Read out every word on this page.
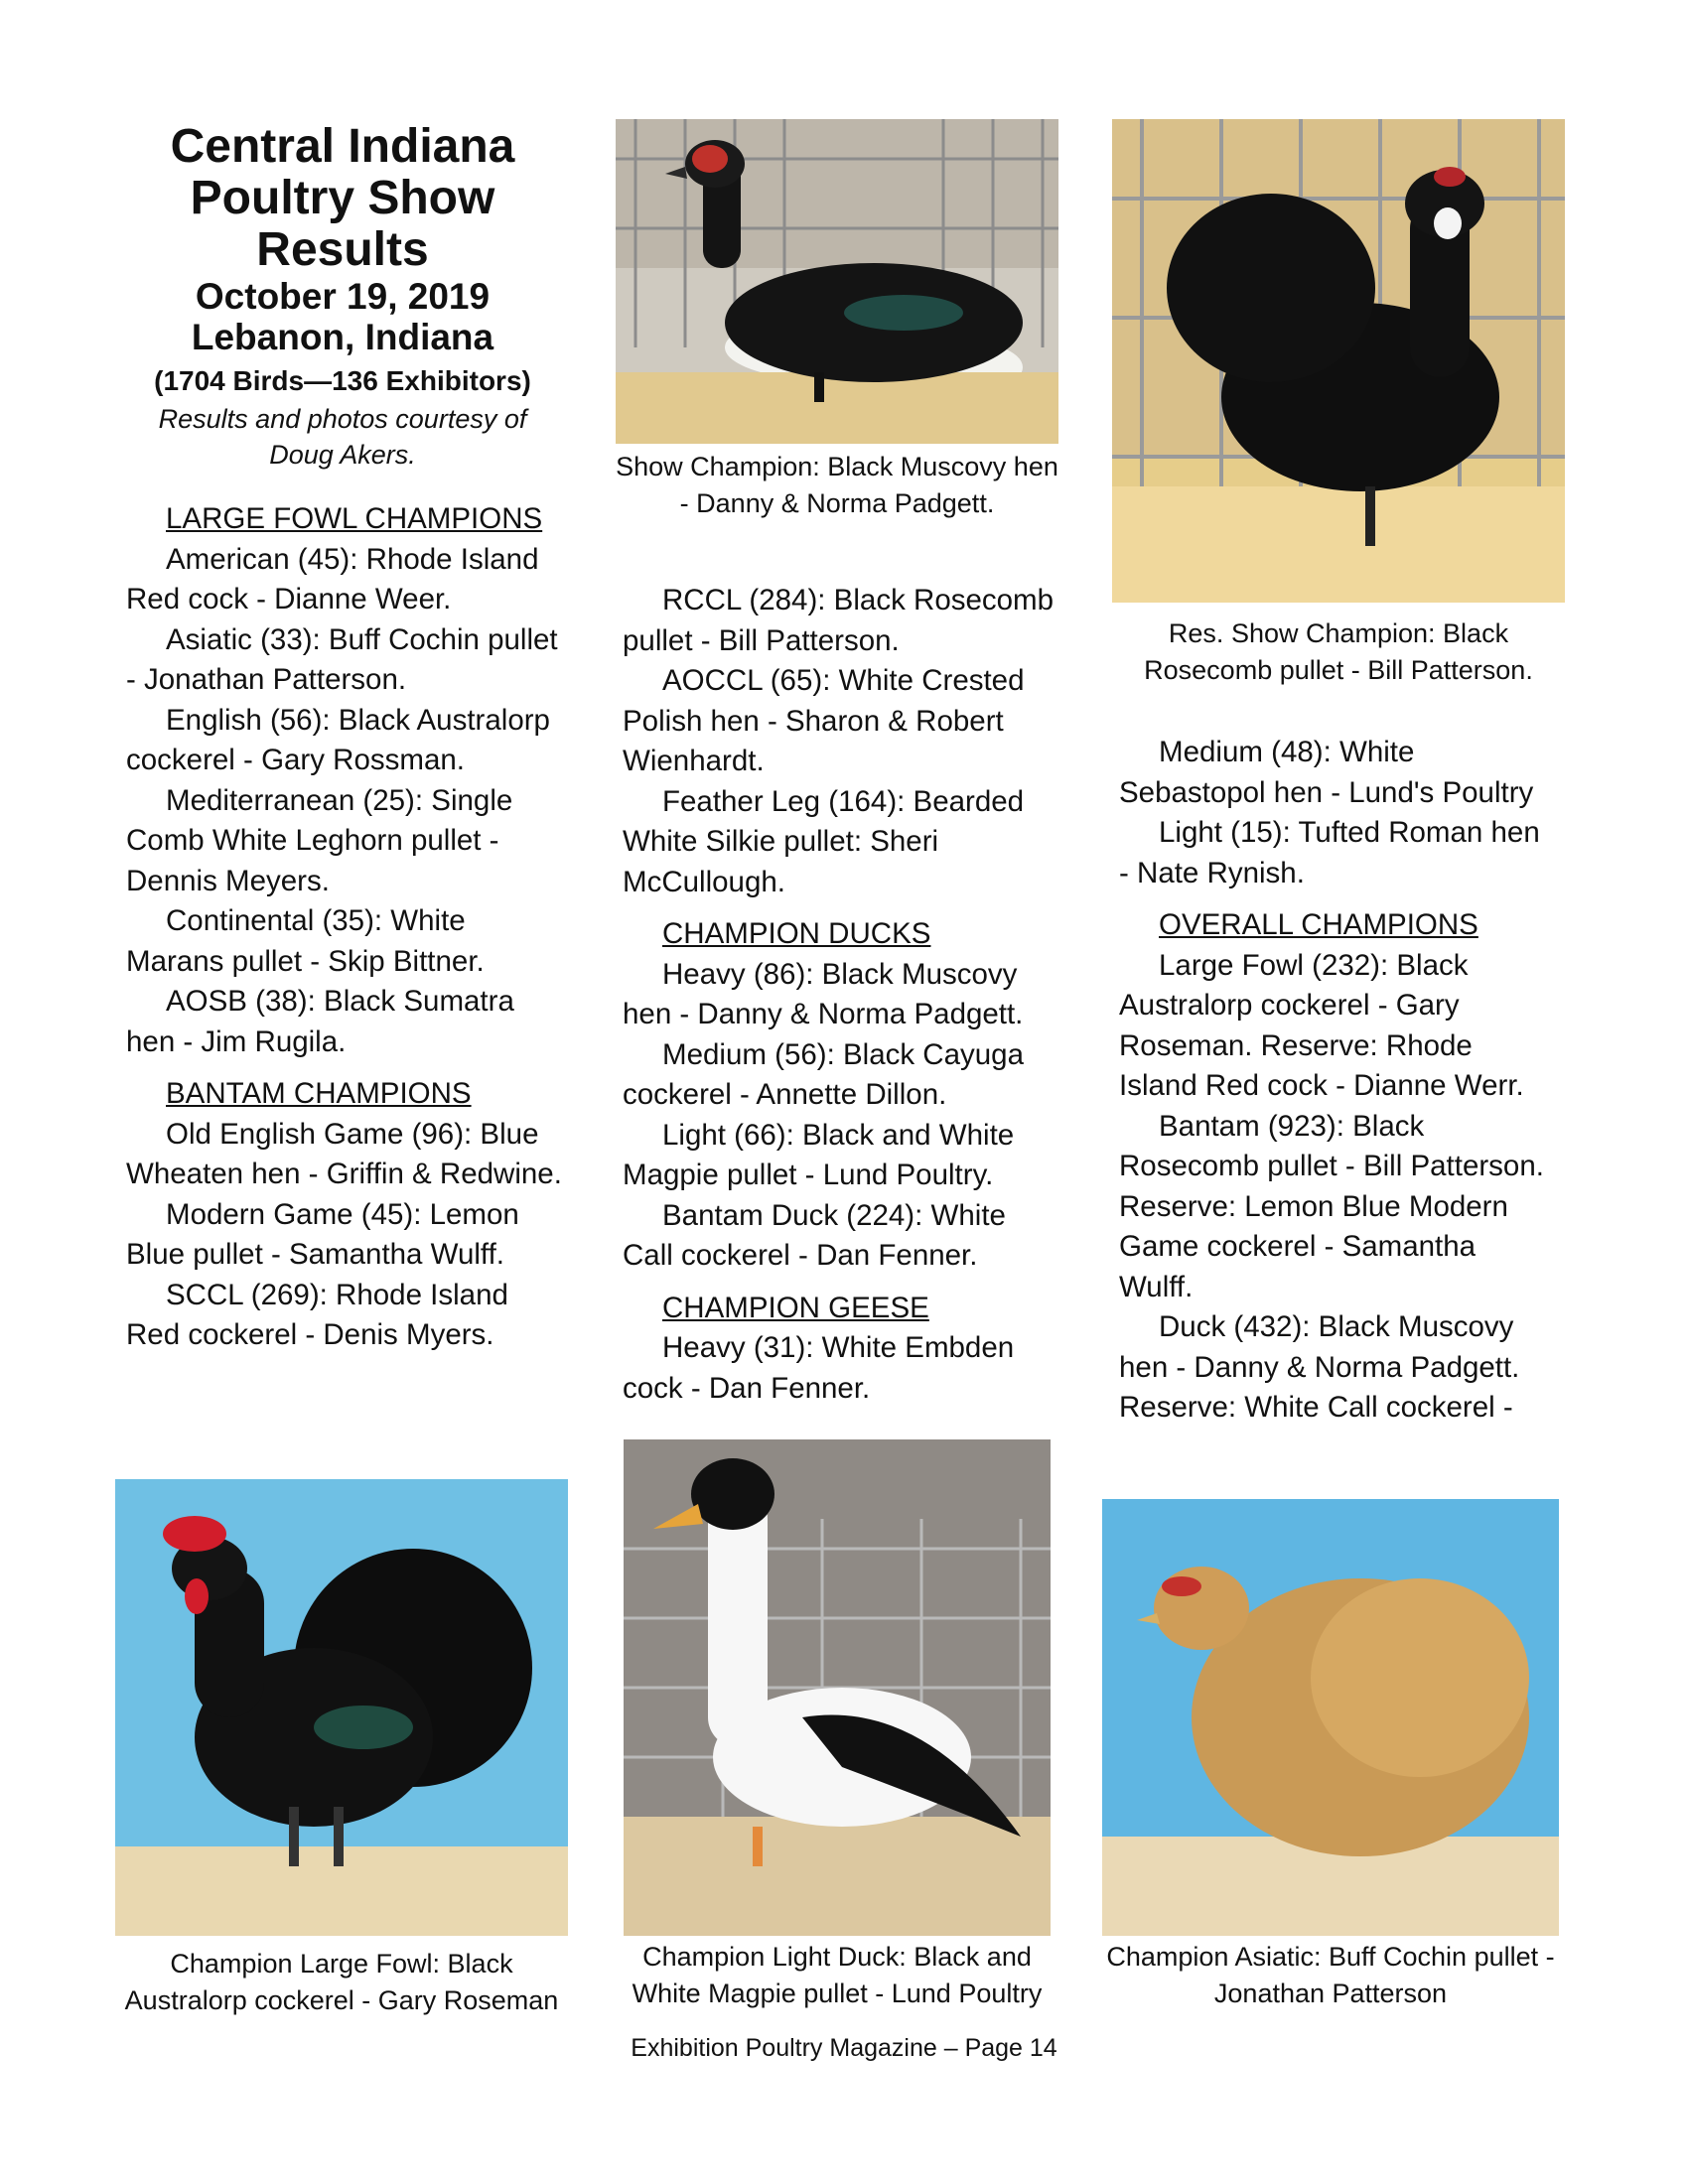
Central Indiana
Poultry Show
Results
October 19, 2019
Lebanon, Indiana
(1704 Birds—136 Exhibitors)
Results and photos courtesy of
Doug Akers.

LARGE FOWL CHAMPIONS

American (45): Rhode Island Red cock - Dianne Weer.

Asiatic (33): Buff Cochin pullet - Jonathan Patterson.

English (56): Black Australorp cockerel - Gary Rossman.

Mediterranean (25): Single Comb White Leghorn pullet - Dennis Meyers.

Continental (35): White Marans pullet - Skip Bittner.

AOSB (38): Black Sumatra hen - Jim Rugila.

BANTAM CHAMPIONS

Old English Game (96): Blue Wheaten hen - Griffin & Redwine.

Modern Game (45): Lemon Blue pullet - Samantha Wulff.

SCCL (269): Rhode Island Red cockerel - Denis Myers.

RCCL (284): Black Rosecomb pullet - Bill Patterson.

AOCCL (65): White Crested Polish hen - Sharon & Robert Wienhardt.

Feather Leg (164): Bearded White Silkie pullet: Sheri McCullough.

CHAMPION DUCKS

Heavy (86): Black Muscovy hen - Danny & Norma Padgett.

Medium (56): Black Cayuga cockerel - Annette Dillon.

Light (66): Black and White Magpie pullet - Lund Poultry.

Bantam Duck (224): White Call cockerel - Dan Fenner.

CHAMPION GEESE

Heavy (31): White Embden cock - Dan Fenner.

Medium (48): White Sebastopol hen - Lund's Poultry

Light (15): Tufted Roman hen - Nate Rynish.

OVERALL CHAMPIONS

Large Fowl (232): Black Australorp cockerel - Gary Roseman. Reserve: Rhode Island Red cock - Dianne Werr.

Bantam (923): Black Rosecomb pullet - Bill Patterson. Reserve: Lemon Blue Modern Game cockerel - Samantha Wulff.

Duck (432): Black Muscovy hen - Danny & Norma Padgett. Reserve: White Call cockerel -

Show Champion: Black Muscovy hen - Danny & Norma Padgett.
Res. Show Champion: Black Rosecomb pullet - Bill Patterson.
Champion Large Fowl: Black Australorp cockerel - Gary Roseman
Champion Light Duck: Black and White Magpie pullet - Lund Poultry
Champion Asiatic: Buff Cochin pullet - Jonathan Patterson
Exhibition Poultry Magazine – Page 14
